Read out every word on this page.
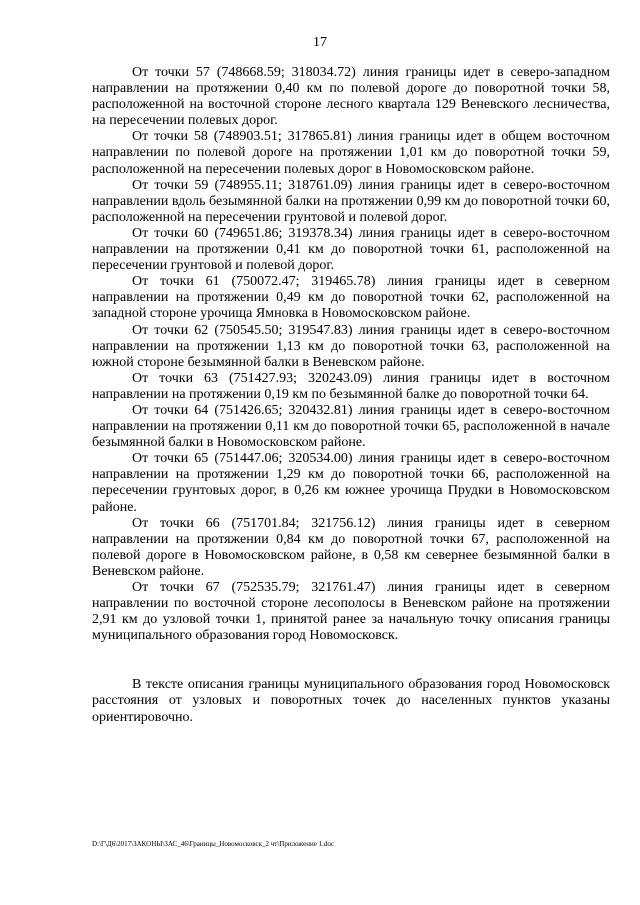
17

От точки 57 (748668.59; 318034.72) линия границы идет в северо-западном направлении на протяжении 0,40 км по полевой дороге до поворотной точки 58, расположенной на восточной стороне лесного квартала 129 Веневского лесничества, на пересечении полевых дорог.

От точки 58 (748903.51; 317865.81) линия границы идет в общем восточном направлении по полевой дороге на протяжении 1,01 км до поворотной точки 59, расположенной на пересечении полевых дорог в Новомосковском районе.

От точки 59 (748955.11; 318761.09) линия границы идет в северо-восточном направлении вдоль безымянной балки на протяжении 0,99 км до поворотной точки 60, расположенной на пересечении грунтовой и полевой дорог.

От точки 60 (749651.86; 319378.34) линия границы идет в северо-восточном направлении на протяжении 0,41 км до поворотной точки 61, расположенной на пересечении грунтовой и полевой дорог.

От точки 61 (750072.47; 319465.78) линия границы идет в северном направлении на протяжении 0,49 км до поворотной точки 62, расположенной на западной стороне урочища Ямновка в Новомосковском районе.

От точки 62 (750545.50; 319547.83) линия границы идет в северо-восточном направлении на протяжении 1,13 км до поворотной точки 63, расположенной на южной стороне безымянной балки в Веневском районе.

От точки 63 (751427.93; 320243.09) линия границы идет в восточном направлении на протяжении 0,19 км по безымянной балке до поворотной точки 64.

От точки 64 (751426.65; 320432.81) линия границы идет в северо-восточном направлении на протяжении 0,11 км до поворотной точки 65, расположенной в начале безымянной балки в Новомосковском районе.

От точки 65 (751447.06; 320534.00) линия границы идет в северо-восточном направлении на протяжении 1,29 км до поворотной точки 66, расположенной на пересечении грунтовых дорог, в 0,26 км южнее урочища Прудки в Новомосковском районе.

От точки 66 (751701.84; 321756.12) линия границы идет в северном направлении на протяжении 0,84 км до поворотной точки 67, расположенной на полевой дороге в Новомосковском районе, в 0,58 км севернее безымянной балки в Веневском районе.

От точки 67 (752535.79; 321761.47) линия границы идет в северном направлении по восточной стороне лесополосы в Веневском районе на протяжении 2,91 км до узловой точки 1, принятой ранее за начальную точку описания границы муниципального образования город Новомосковск.

В тексте описания границы муниципального образования город Новомосковск расстояния от узловых и поворотных точек до населенных пунктов указаны ориентировочно.

D:\Г\Д6\2017\ЗАКОНЫ\ЗАС_46\Границы_Новомосковск_2 чт\Приложение 1.doc
